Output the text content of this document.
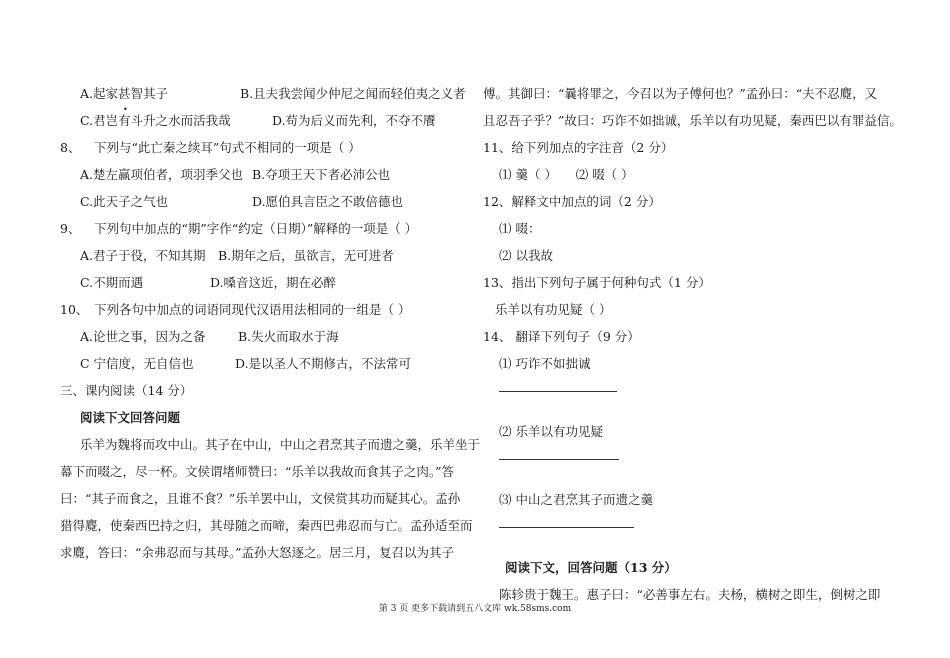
•
A.起家甚智其子	B.且夫我尝闻少仲尼之闻而轻伯夷之义者
C.君岂有斗升之水而活我哉	D.苟为后义而先利，不夺不餍
8、 下列与“此亡秦之续耳”句式不相同的一项是（ ）
A.楚左赢项伯者，项羽季父也 B.夺项王天下者必沛公也
C.此天子之气也	D.愿伯具言臣之不敢倍德也
9、 下列句中加点的“期”字作“约定（日期）”解释的一项是（ ）
A.君子于役，不知其期 B.期年之后，虽欲言，无可进者
C.不期而遇	D.嗓音这近，期在必醉
10、 下列各句中加点的词语同现代汉语用法相同的一组是（ ）
A.论世之事，因为之备	B.失火而取水于海
C 宁信度，无自信也	D.是以圣人不期修古，不法常可
三、课内阅读（14 分）
阅读下文回答问题
乐羊为魏将而攻中山。其子在中山，中山之君烹其子而遗之羹，乐羊坐于
幕下而啜之，尽一杯。文侯谓堵师赞曰：“乐羊以我故而食其子之肉。”答
曰：“其子而食之，且谁不食？”乐羊罢中山，文侯赏其功而疑其心。孟孙
猎得麑，使秦西巴持之归，其母随之而啼，秦西巴弗忍而与亡。孟孙适至而
求麑，答曰：“余弗忍而与其母。”孟孙大怒逐之。居三月，复召以为其子
傅。其御曰：“曩将罪之，今召以为子傅何也？”孟孙曰：“夫不忍麑，又
且忍吾子乎？”故曰：巧诈不如拙诚，乐羊以有功见疑，秦西巴以有罪益信。
11、给下列加点的字注音（2 分）
⑴ 羹（ ）　　⑵ 啜（ ）
12、解释文中加点的词（2 分）
⑴ 啜：
⑵ 以我故
13、指出下列句子属于何种句式（1 分）
乐羊以有功见疑（ ）
14、 翻译下列句子（9 分）
⑴ 巧诈不如拙诚
⑵ 乐羊以有功见疑
⑶ 中山之君烹其子而遗之羹
阅读下文，回答问题（13 分）
陈轸贵于魏王。惠子曰：“必善事左右。夫杨，横树之即生，倒树之即
第 3 页 更多下载请到五八文库 wk.58sms.com
